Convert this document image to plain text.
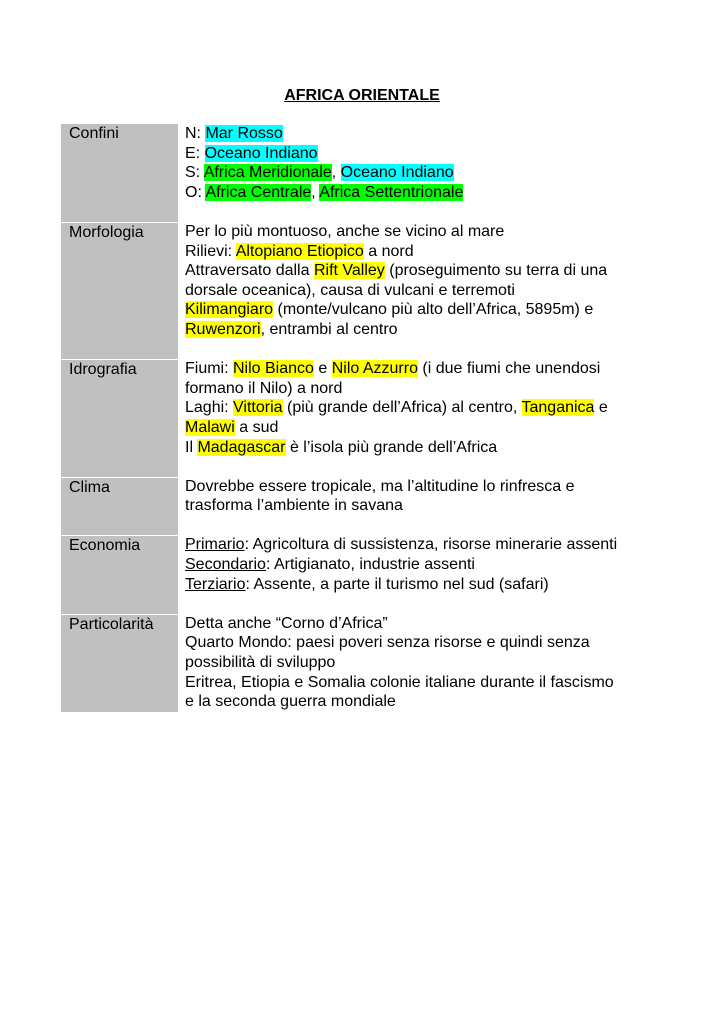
AFRICA ORIENTALE
Confini	N: Mar Rosso
E: Oceano Indiano
S: Africa Meridionale, Oceano Indiano
O: Africa Centrale, Africa Settentrionale
Morfologia	Per lo più montuoso, anche se vicino al mare
Rilievi: Altopiano Etiopico a nord
Attraversato dalla Rift Valley (proseguimento su terra di una
dorsale oceanica), causa di vulcani e terremoti
Kilimangiaro (monte/vulcano più alto dell’Africa, 5895m) e
Ruwenzori, entrambi al centro
Idrografia	Fiumi: Nilo Bianco e Nilo Azzurro (i due fiumi che unendosi
formano il Nilo) a nord
Laghi: Vittoria (più grande dell’Africa) al centro, Tanganica e
Malawi a sud
Il Madagascar è l’isola più grande dell’Africa
Clima	Dovrebbe essere tropicale, ma l’altitudine lo rinfresca e
trasforma l’ambiente in savana
Economia	Primario: Agricoltura di sussistenza, risorse minerarie assenti
Secondario: Artigianato, industrie assenti
Terziario: Assente, a parte il turismo nel sud (safari)
Particolarità	Detta anche “Corno d’Africa”
Quarto Mondo: paesi poveri senza risorse e quindi senza
possibilità di sviluppo
Eritrea, Etiopia e Somalia colonie italiane durante il fascismo
e la seconda guerra mondiale
